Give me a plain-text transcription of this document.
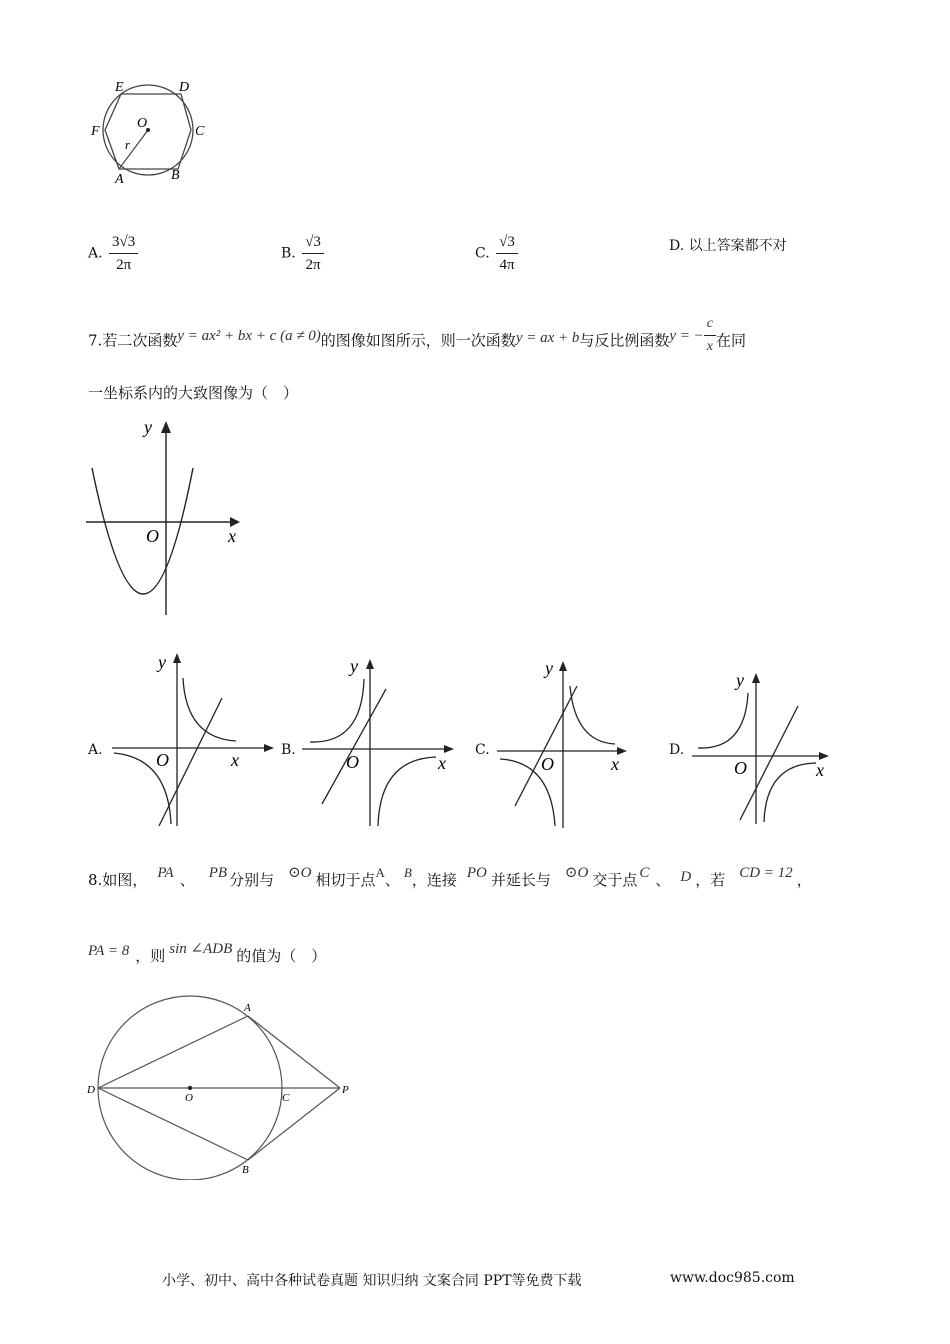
E	D
F	C
O
r
A	B
A. $\frac{3√3}{2\pi}$	B. $\frac{√3}{2\pi}$	C. $\frac{√3}{4\pi}$	D. 以上答案都不对
7.若二次函数y = ax² + bx + c (a ≠ 0)的图像如图所示，则一次函数y = ax + b与反比例函数y = − $\frac{c}{x}$ 在同
一坐标系内的大致图像为（　）
y
x
O
A.
y
x
O	B.
y
x
O
C.
y
x
O
D.
y
x
O
8.如图， PA 、 PB 分别与 ⊙O 相切于点A、 B，连接 PO 并延长与 ⊙O 交于点 C 、 D ，若 CD = 12 ，
PA = 8 ，则 sin ∠ADB 的值为（　）
A
B
C
D
O
P
小学、初中、高中各种试卷真题 知识归纳 文案合同 PPT等免费下载	www.doc985.com
